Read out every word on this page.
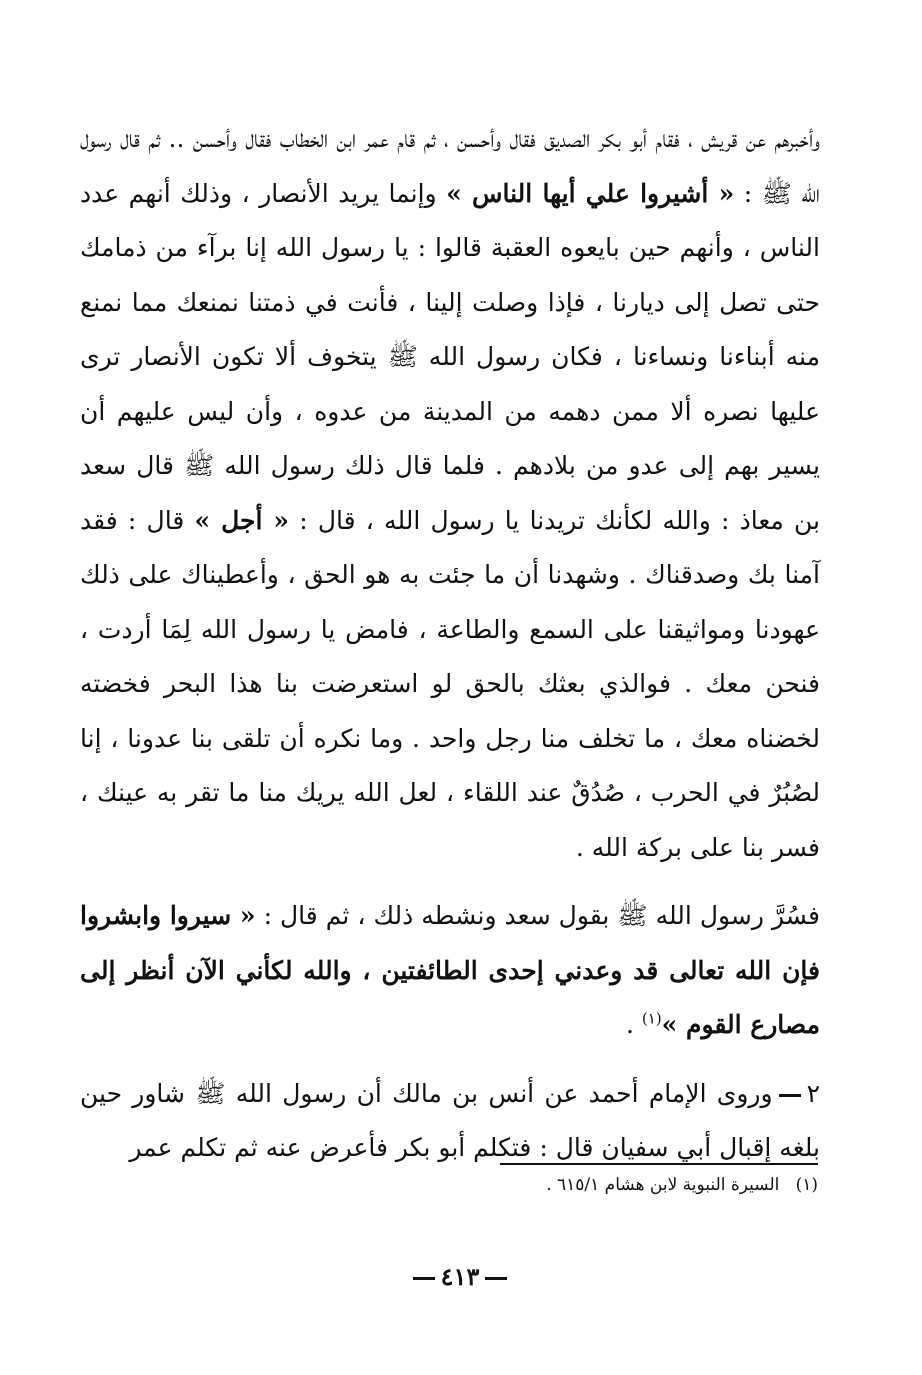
وأخبرهم عن قريش ، فقام أبو بكر الصديق فقال وأحسن ، ثم قام عمر ابن الخطاب فقال وأحسن .. ثم قال رسول الله ﷺ : « أشيروا علي أيها الناس » وإنما يريد الأنصار ، وذلك أنهم عدد الناس ، وأنهم حين بايعوه العقبة قالوا : يا رسول الله إنا برآء من ذمامك حتى تصل إلى ديارنا ، فإذا وصلت إلينا ، فأنت في ذمتنا نمنعك مما نمنع منه أبناءنا ونساءنا ، فكان رسول الله ﷺ يتخوف ألا تكون الأنصار ترى عليها نصره ألا ممن دهمه من المدينة من عدوه ، وأن ليس عليهم أن يسير بهم إلى عدو من بلادهم . فلما قال ذلك رسول الله ﷺ قال سعد بن معاذ : والله لكأنك تريدنا يا رسول الله ، قال : « أجل » قال : فقد آمنا بك وصدقناك . وشهدنا أن ما جئت به هو الحق ، وأعطيناك على ذلك عهودنا ومواثيقنا على السمع والطاعة ، فامض يا رسول الله لِمَا أردت ، فنحن معك . فوالذي بعثك بالحق لو استعرضت بنا هذا البحر فخضته لخضناه معك ، ما تخلف منا رجل واحد . وما نكره أن تلقى بنا عدونا ، إنا لصُبُرٌ في الحرب ، صُدُقٌ عند اللقاء ، لعل الله يريك منا ما تقر به عينك ، فسر بنا على بركة الله .

فسُرَّ رسول الله ﷺ بقول سعد ونشطه ذلك ، ثم قال : « سيروا وابشروا فإن الله تعالى قد وعدني إحدى الطائفتين ، والله لكأني الآن أنظر إلى مصارع القوم »$^{(١)}$ .

٢وروى الإمام أحمد عن أنس بن مالك أن رسول الله ﷺ شاور حين بلغه إقبال أبي سفيان قال : فتكلم أبو بكر فأعرض عنه ثم تكلم عمر

(١)   السيرة النبوية لابن هشام ٦١٥/١ .
٤١٣
